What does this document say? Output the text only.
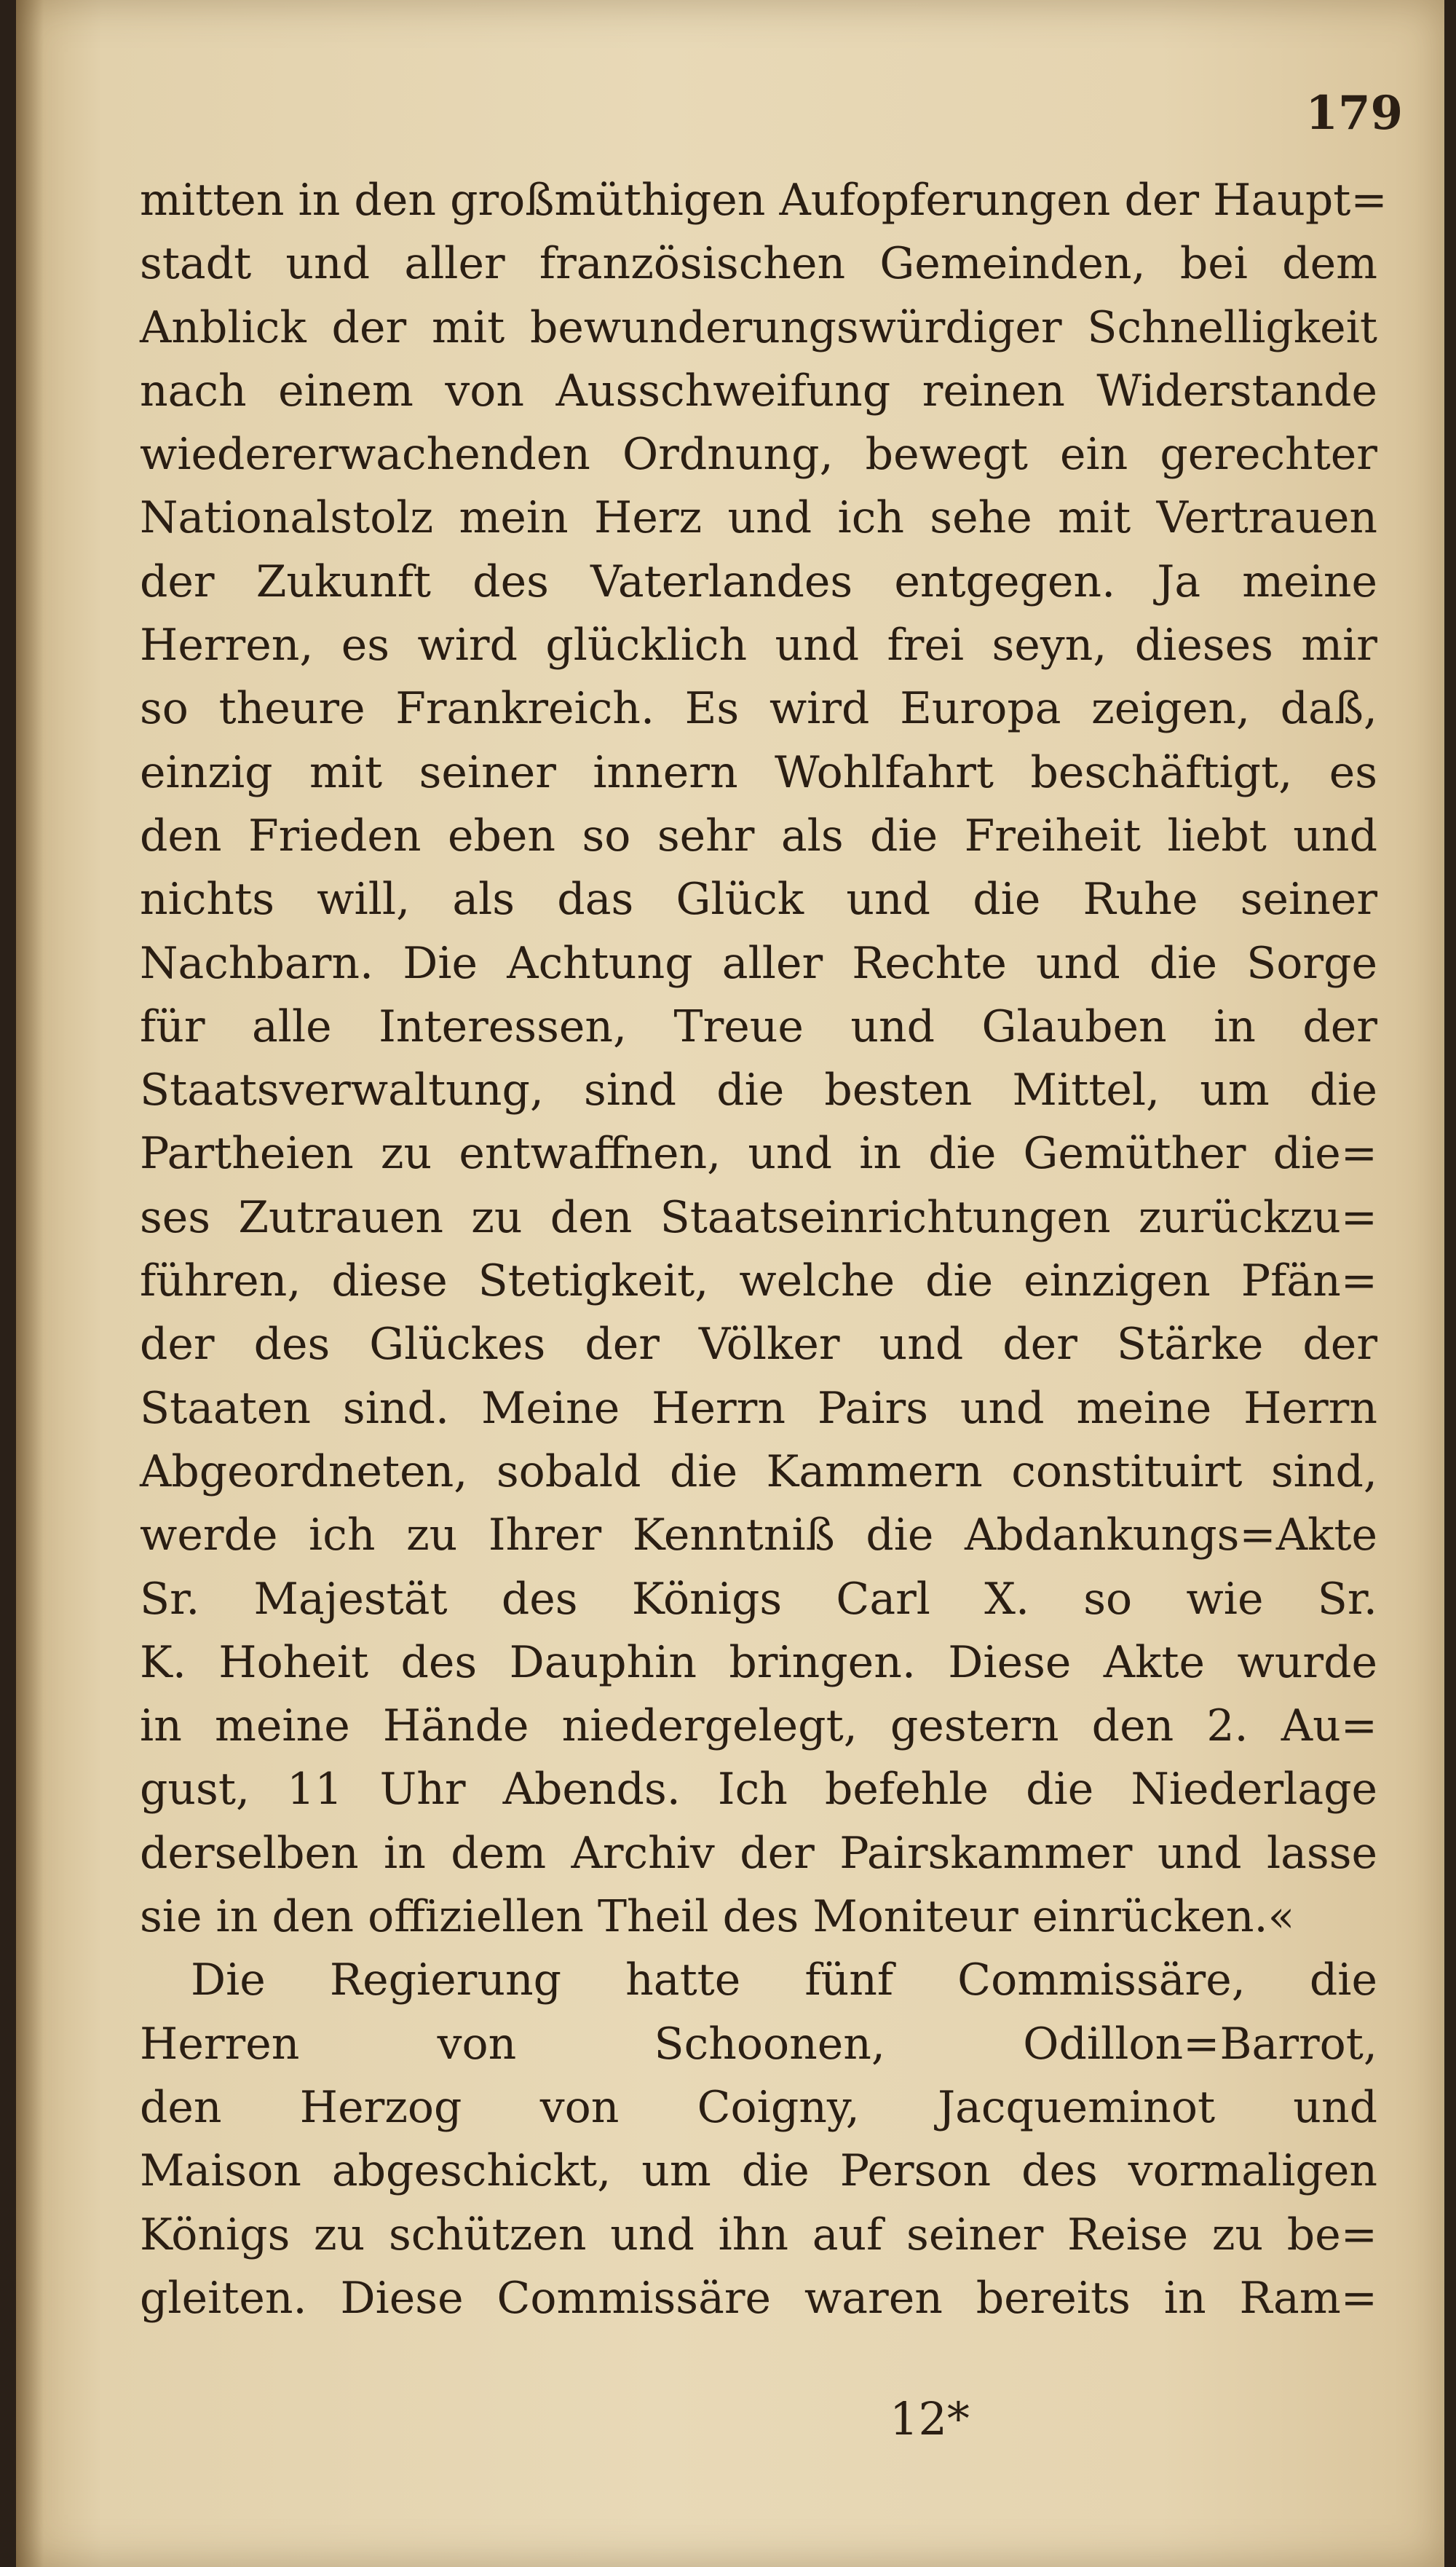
179
mitten in den großmüthigen Aufopferungen der Haupt=
stadt und aller französischen Gemeinden, bei dem
Anblick der mit bewunderungswürdiger Schnelligkeit
nach einem von Ausschweifung reinen Widerstande
wiedererwachenden Ordnung, bewegt ein gerechter
Nationalstolz mein Herz und ich sehe mit Vertrauen
der Zukunft des Vaterlandes entgegen. Ja meine
Herren, es wird glücklich und frei seyn, dieses mir
so theure Frankreich. Es wird Europa zeigen, daß,
einzig mit seiner innern Wohlfahrt beschäftigt, es
den Frieden eben so sehr als die Freiheit liebt und
nichts will, als das Glück und die Ruhe seiner
Nachbarn. Die Achtung aller Rechte und die Sorge
für alle Interessen, Treue und Glauben in der
Staatsverwaltung, sind die besten Mittel, um die
Partheien zu entwaffnen, und in die Gemüther die=
ses Zutrauen zu den Staatseinrichtungen zurückzu=
führen, diese Stetigkeit, welche die einzigen Pfän=
der des Glückes der Völker und der Stärke der
Staaten sind. Meine Herrn Pairs und meine Herrn
Abgeordneten, sobald die Kammern constituirt sind,
werde ich zu Ihrer Kenntniß die Abdankungs=Akte
Sr. Majestät des Königs Carl X. so wie Sr.
K. Hoheit des Dauphin bringen. Diese Akte wurde
in meine Hände niedergelegt, gestern den 2. Au=
gust, 11 Uhr Abends. Ich befehle die Niederlage
derselben in dem Archiv der Pairskammer und lasse
sie in den offiziellen Theil des Moniteur einrücken.«
Die Regierung hatte fünf Commissäre, die
Herren von Schoonen, Odillon=Barrot,
den Herzog von Coigny, Jacqueminot und
Maison abgeschickt, um die Person des vormaligen
Königs zu schützen und ihn auf seiner Reise zu be=
gleiten. Diese Commissäre waren bereits in Ram=
12*
